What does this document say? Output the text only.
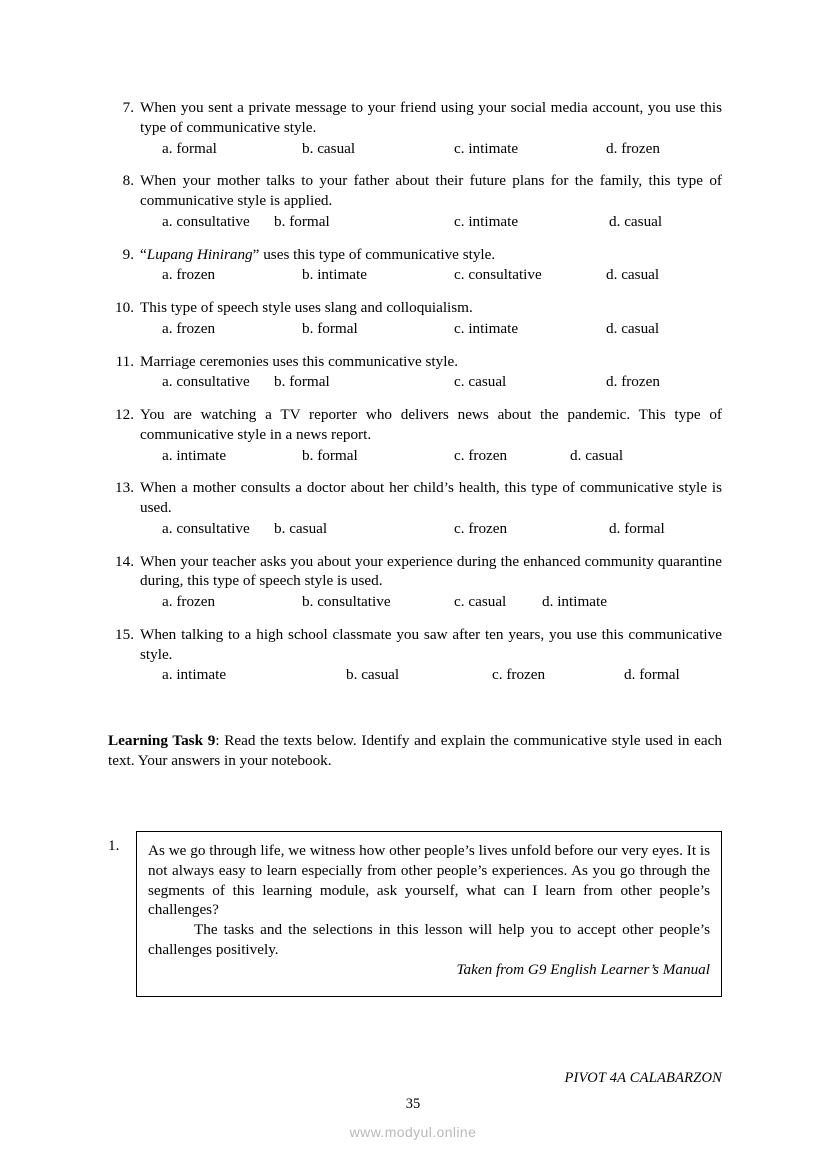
7. When you sent a private message to your friend using your social media account, you use this type of communicative style.
a. formal	b. casual	c. intimate	d. frozen
8. When your mother talks to your father about their future plans for the family, this type of communicative style is applied.
a. consultative	b. formal	c. intimate	d. casual
9. “Lupang Hinirang” uses this type of communicative style.
a. frozen	b. intimate	c. consultative	d. casual
10. This type of speech style uses slang and colloquialism.
a. frozen	b. formal	c. intimate	d. casual
11. Marriage ceremonies uses this communicative style.
a. consultative	b. formal	c. casual	d. frozen
12. You are watching a TV reporter who delivers news about the pandemic. This type of communicative style in a news report.
a. intimate	b. formal	c. frozen	d. casual
13. When a mother consults a doctor about her child’s health, this type of communicative style is used.
a. consultative	b. casual	c. frozen	d. formal
14. When your teacher asks you about your experience during the enhanced community quarantine during, this type of speech style is used.
a. frozen	b. consultative	c. casual	d. intimate
15. When talking to a high school classmate you saw after ten years, you use this communicative style.
a. intimate	b. casual	c. frozen	d. formal
Learning Task 9: Read the texts below. Identify and explain the communicative style used in each text. Your answers in your notebook.
1.	As we go through life, we witness how other people’s lives unfold before our very eyes. It is not always easy to learn especially from other people’s experiences. As you go through the segments of this learning module, ask yourself, what can I learn from other people’s challenges?

The tasks and the selections in this lesson will help you to accept other people’s challenges positively.

Taken from G9 English Learner’s Manual

PIVOT 4A CALABARZON
35
www.modyul.online
